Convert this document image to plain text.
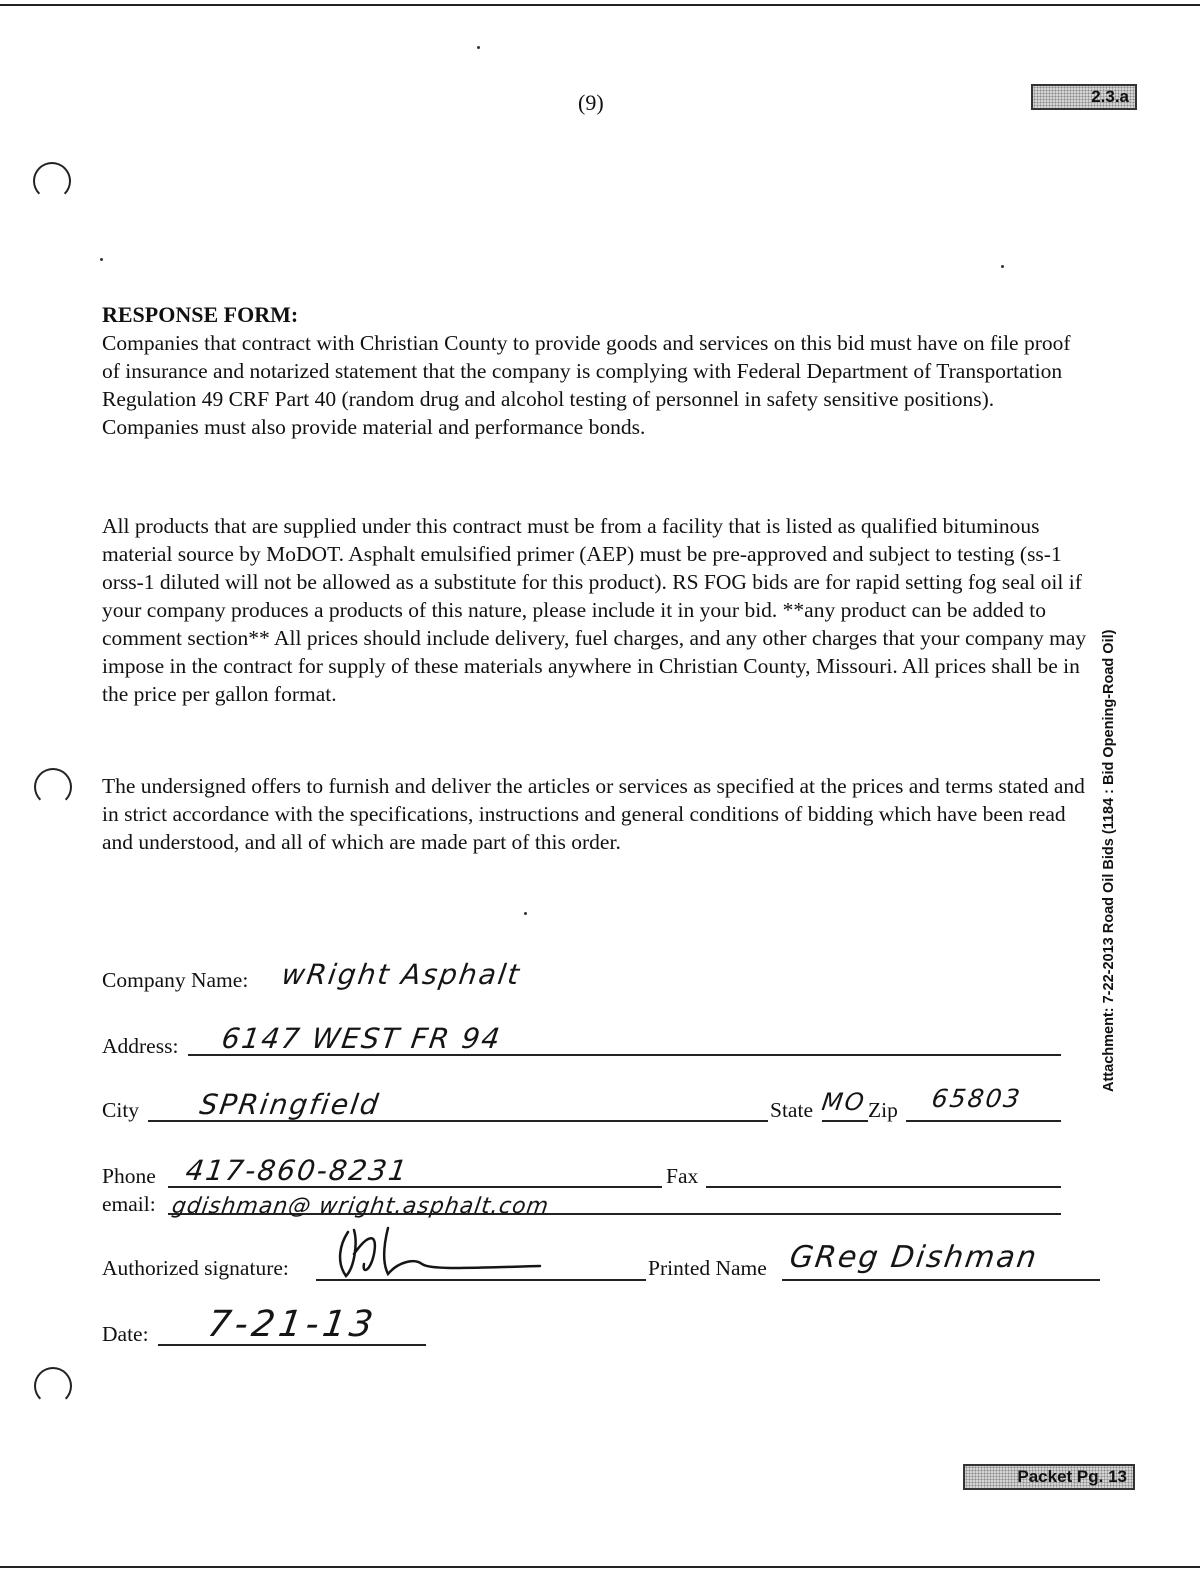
(9)	2.3.a
Packet Pg. 13
Attachment: 7-22-2013 Road Oil Bids (1184 : Bid Opening-Road Oil)
RESPONSE FORM:

Companies that contract with Christian County to provide goods and services on this bid must have on file proof of insurance and notarized statement that the company is complying with Federal Department of Transportation Regulation 49 CRF Part 40 (random drug and alcohol testing of personnel in safety sensitive positions). Companies must also provide material and performance bonds.

All products that are supplied under this contract must be from a facility that is listed as qualified bituminous material source by MoDOT. Asphalt emulsified primer (AEP) must be pre-approved and subject to testing (ss-1 orss-1 diluted will not be allowed as a substitute for this product). RS FOG bids are for rapid setting fog seal oil if your company produces a products of this nature, please include it in your bid. **any product can be added to comment section** All prices should include delivery, fuel charges, and any other charges that your company may impose in the contract for supply of these materials anywhere in Christian County, Missouri. All prices shall be in the price per gallon format.

The undersigned offers to furnish and deliver the articles or services as specified at the prices and terms stated and in strict accordance with the specifications, instructions and general conditions of bidding which have been read and understood, and all of which are made part of this order.

Company Name: wRight Asphalt
Address: 6147 WEST FR 94
City SPRingfield	State MO Zip 65803
Phone 417-860-8231	Fax
email: gdishman@ wright.asphalt.com
Authorized signature:	Printed Name GReg Dishman
Date: 7-21-13
